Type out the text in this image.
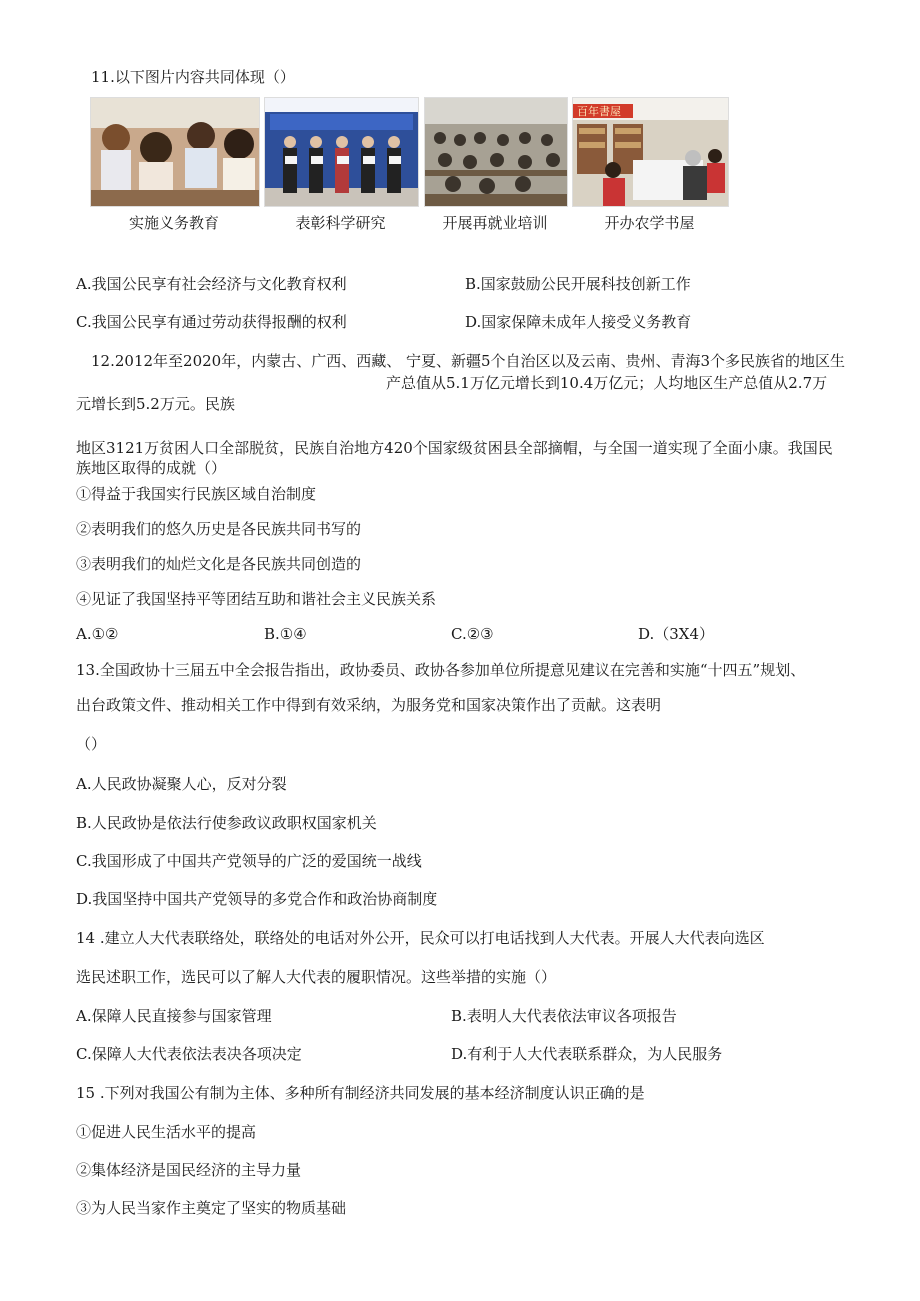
11.以下图片内容共同体现（）
实施义务教育	表彰科学研究	开展再就业培训
百年書屋
开办农学书屋
A.我国公民享有社会经济与文化教育权利	B.国家鼓励公民开展科技创新工作
C.我国公民享有通过劳动获得报酬的权利	D.国家保障未成年人接受义务教育
12.2012年至2020年，内蒙古、广西、西藏、 宁夏、新疆5个自治区以及云南、贵州、青海3个多民族省的地区生
产总值从5.1万亿元增长到10.4万亿元；人均地区生产总值从2.7万
元增长到5.2万元。民族
地区3121万贫困人口全部脱贫，民族自治地方420个国家级贫困县全部摘帽，与全国一道实现了全面小康。我国民
族地区取得的成就（）
①得益于我国实行民族区域自治制度
②表明我们的悠久历史是各民族共同书写的
③表明我们的灿烂文化是各民族共同创造的
④见证了我国坚持平等团结互助和谐社会主义民族关系
A.①②	B.①④	C.②③	D.（3X4）
13.全国政协十三届五中全会报告指出，政协委员、政协各参加单位所提意见建议在完善和实施“十四五”规划、
出台政策文件、推动相关工作中得到有效采纳，为服务党和国家决策作出了贡献。这表明
（）
A.人民政协凝聚人心，反对分裂
B.人民政协是依法行使参政议政职权国家机关
C.我国形成了中国共产党领导的广泛的爱国统一战线
D.我国坚持中国共产党领导的多党合作和政治协商制度
14 .建立人大代表联络处，联络处的电话对外公开，民众可以打电话找到人大代表。开展人大代表向选区
选民述职工作，选民可以了解人大代表的履职情况。这些举措的实施（）
A.保障人民直接参与国家管理	B.表明人大代表依法审议各项报告
C.保障人大代表依法表决各项决定	D.有利于人大代表联系群众，为人民服务
15 .下列对我国公有制为主体、多种所有制经济共同发展的基本经济制度认识正确的是
①促进人民生活水平的提高
②集体经济是国民经济的主导力量
③为人民当家作主奠定了坚实的物质基础
